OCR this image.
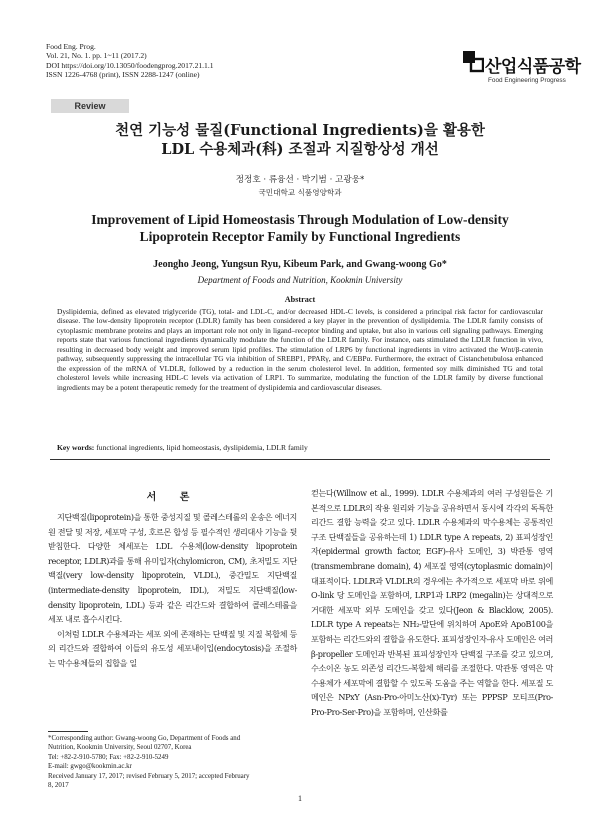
Food Eng. Prog.
Vol. 21, No. 1. pp. 1~11 (2017.2)
DOI https://doi.org/10.13050/foodengprog.2017.21.1.1
ISSN 1226-4768 (print), ISSN 2288-1247 (online)
Review
산업식품공학
Food Engineering Progress
천연 기능성 물질(Functional Ingredients)을 활용한
LDL 수용체과(科) 조절과 지질항상성 개선
정정호 · 류융선 · 박기범 · 고광웅*
국민대학교 식품영양학과
Improvement of Lipid Homeostasis Through Modulation of Low-density
Lipoprotein Receptor Family by Functional Ingredients
Jeongho Jeong, Yungsun Ryu, Kibeum Park, and Gwang-woong Go*
Department of Foods and Nutrition, Kookmin University
Abstract
Dyslipidemia, defined as elevated triglyceride (TG), total- and LDL-C, and/or decreased HDL-C levels, is considered a principal risk factor for cardiovascular disease. The low-density lipoprotein receptor (LDLR) family has been considered a key player in the prevention of dyslipidemia. The LDLR family consists of cytoplasmic membrane proteins and plays an important role not only in ligand–receptor binding and uptake, but also in various cell signaling pathways. Emerging reports state that various functional ingredients dynamically modulate the function of the LDLR family. For instance, oats stimulated the LDLR function in vivo, resulting in decreased body weight and improved serum lipid profiles. The stimulation of LRP6 by functional ingredients in vitro activated the Wnt/β-catenin pathway, subsequently suppressing the intracellular TG via inhibition of SREBP1, PPARγ, and C/EBPα. Furthermore, the extract of Cistanchetubulosa enhanced the expression of the mRNA of VLDLR, followed by a reduction in the serum cholesterol level. In addition, fermented soy milk diminished TG and total cholesterol levels while increasing HDL-C levels via activation of LRP1. To summarize, modulating the function of the LDLR family by diverse functional ingredients may be a potent therapeutic remedy for the treatment of dyslipidemia and cardiovascular diseases.
Key words: functional ingredients, lipid homeostasis, dyslipidemia, LDLR family
서 론

지단백질(lipoprotein)을 통한 중성지질 및 콜레스테롤의 운송은 에너지원 전달 및 저장, 세포막 구성, 호르몬 합성 등 필수적인 생리대사 기능을 뒷받침한다. 다양한 체세포는 LDL 수용체(low-density lipoprotein receptor, LDLR)과를 통해 유미입자(chylomicron, CM), 초저밀도 지단백질(very low-density lipoprotein, VLDL), 중간밀도 지단백질(intermediate-density lipoprotein, IDL), 저밀도 지단백질(low-density lipoprotein, LDL) 등과 같은 리간드와 결합하여 콜레스테롤을 세포 내로 흡수시킨다.

이처럼 LDLR 수용체과는 세포 외에 존재하는 단백질 및 지질 복합체 등의 리간드와 결합하여 이들의 유도성 세포내이입(endocytosis)을 조절하는 막수용체들의 집합을 일

*Corresponding author: Gwang-woong Go, Department of Foods and
Nutrition, Kookmin University, Seoul 02707, Korea
Tel: +82-2-910-5780; Fax: +82-2-910-5249
E-mail: gwgo@kookmin.ac.kr
Received January 17, 2017; revised February 5, 2017; accepted February
8, 2017

컫는다(Willnow et al., 1999). LDLR 수용체과의 여러 구성원들은 기본적으로 LDLR의 작용 원리와 기능을 공유하면서 동시에 각각의 독특한 리간드 결합 능력을 갖고 있다. LDLR 수용체과의 막수용체는 공통적인 구조 단백질들을 공유하는데 1) LDLR type A repeats, 2) 표피성장인자(epidermal growth factor, EGF)-유사 도메인, 3) 박관통 영역(transmembrane domain), 4) 세포질 영역(cytoplasmic domain)이 대표적이다. LDLR과 VLDLR의 경우에는 추가적으로 세포막 바로 위에 O-link 당 도메인을 포함하며, LRP1과 LRP2 (megalin)는 상대적으로 거대한 세포막 외부 도메인을 갖고 있다(Jeon & Blacklow, 2005). LDLR type A repeats는 NH₂-말단에 위치하며 ApoE와 ApoB100을 포함하는 리간드와의 결합을 유도한다. 표피성장인자-유사 도메인은 여러 β-propeller 도메인과 반복된 표피성장인자 단백질 구조를 갖고 있으며, 수소이온 농도 의존성 리간드-복합체 해리를 조절한다. 막관통 영역은 막수용체가 세포막에 결합할 수 있도록 도움을 주는 역할을 한다. 세포질 도메인은 NPxY (Asn-Pro-아미노산(x)-Tyr) 또는 PPPSP 모티프(Pro-Pro-Pro-Ser-Pro)을 포함하며, 인산화를

1
